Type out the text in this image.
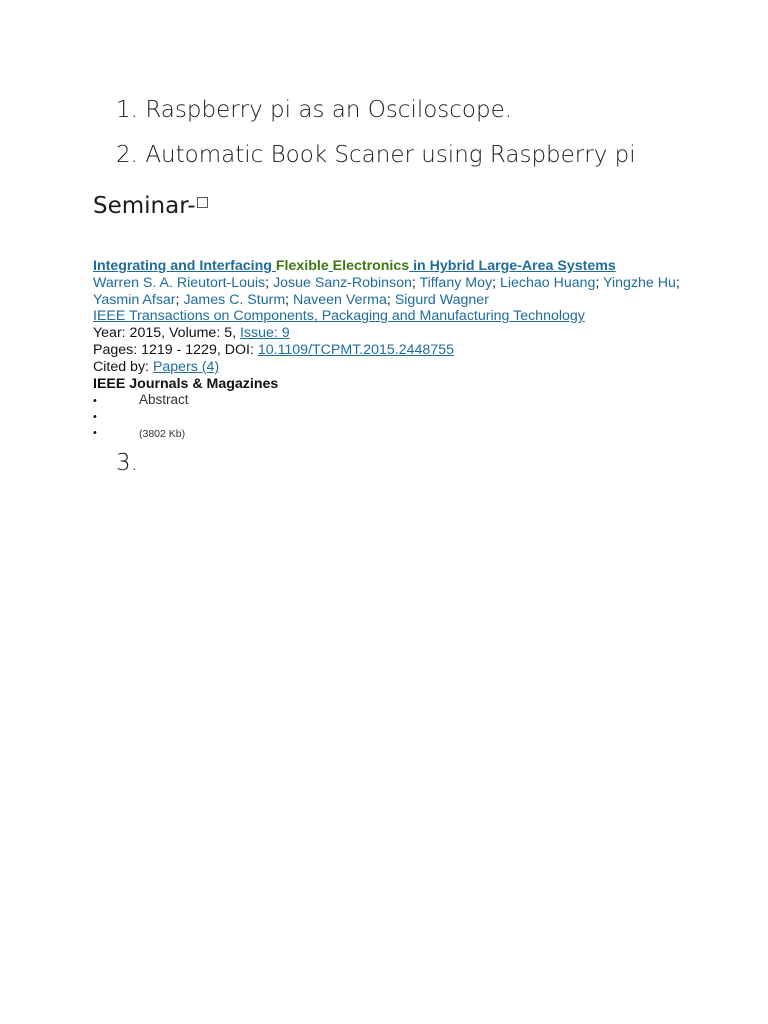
1. Raspberry pi as an Osciloscope.
2. Automatic Book Scaner using Raspberry pi
Seminar-
Integrating and Interfacing Flexible Electronics in Hybrid Large-Area Systems
Warren S. A. Rieutort-Louis; Josue Sanz-Robinson; Tiffany Moy; Liechao Huang; Yingzhe Hu; Yasmin Afsar; James C. Sturm; Naveen Verma; Sigurd Wagner
IEEE Transactions on Components, Packaging and Manufacturing Technology
Year: 2015, Volume: 5, Issue: 9
Pages: 1219 - 1229, DOI: 10.1109/TCPMT.2015.2448755
Cited by: Papers (4)
IEEE Journals & Magazines
• Abstract
•
• (3802 Kb)
3.
